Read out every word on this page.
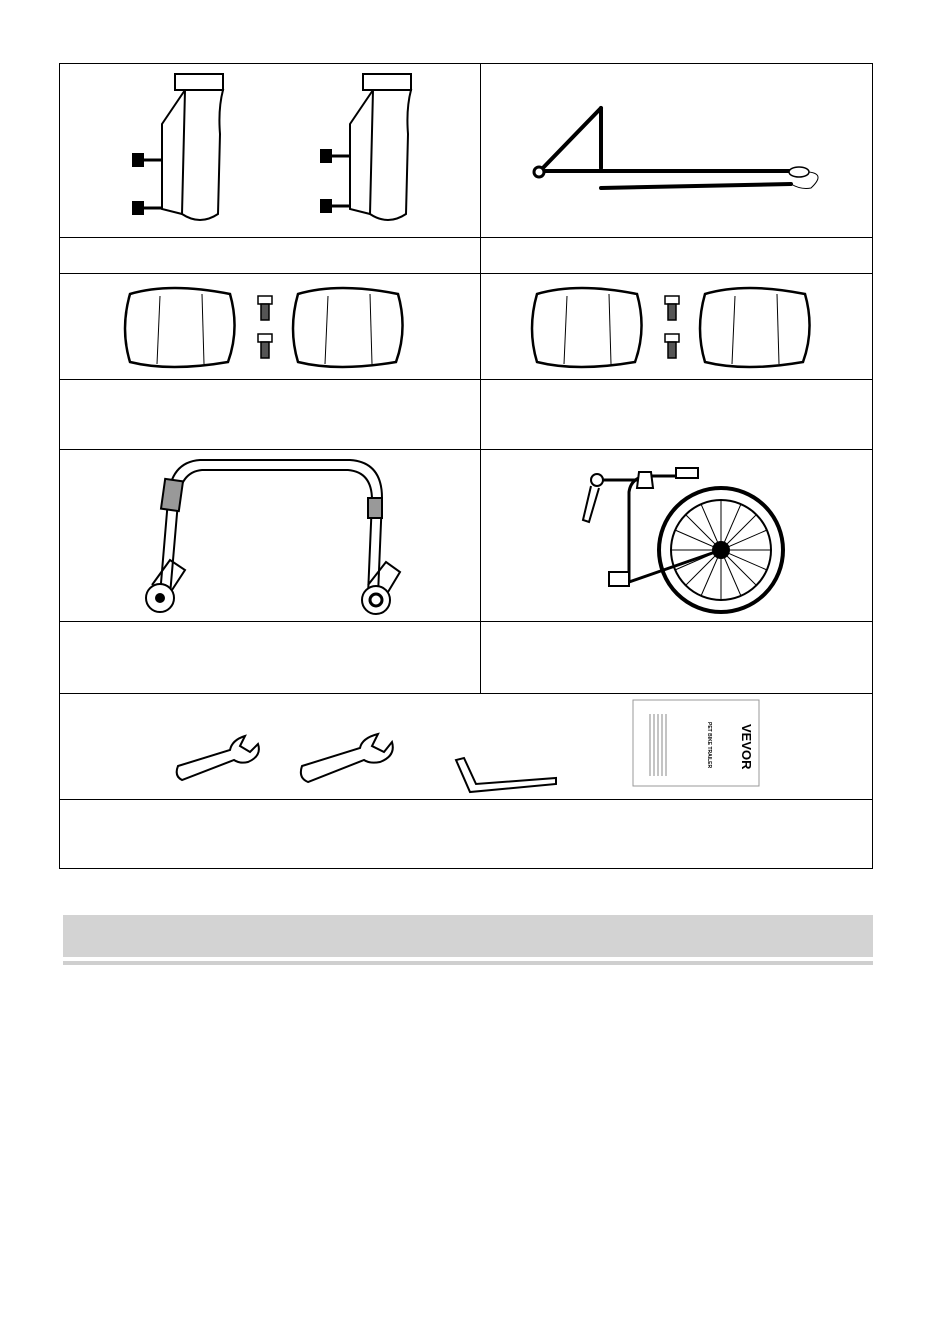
VEVOR
PET BIKE TRAILER
